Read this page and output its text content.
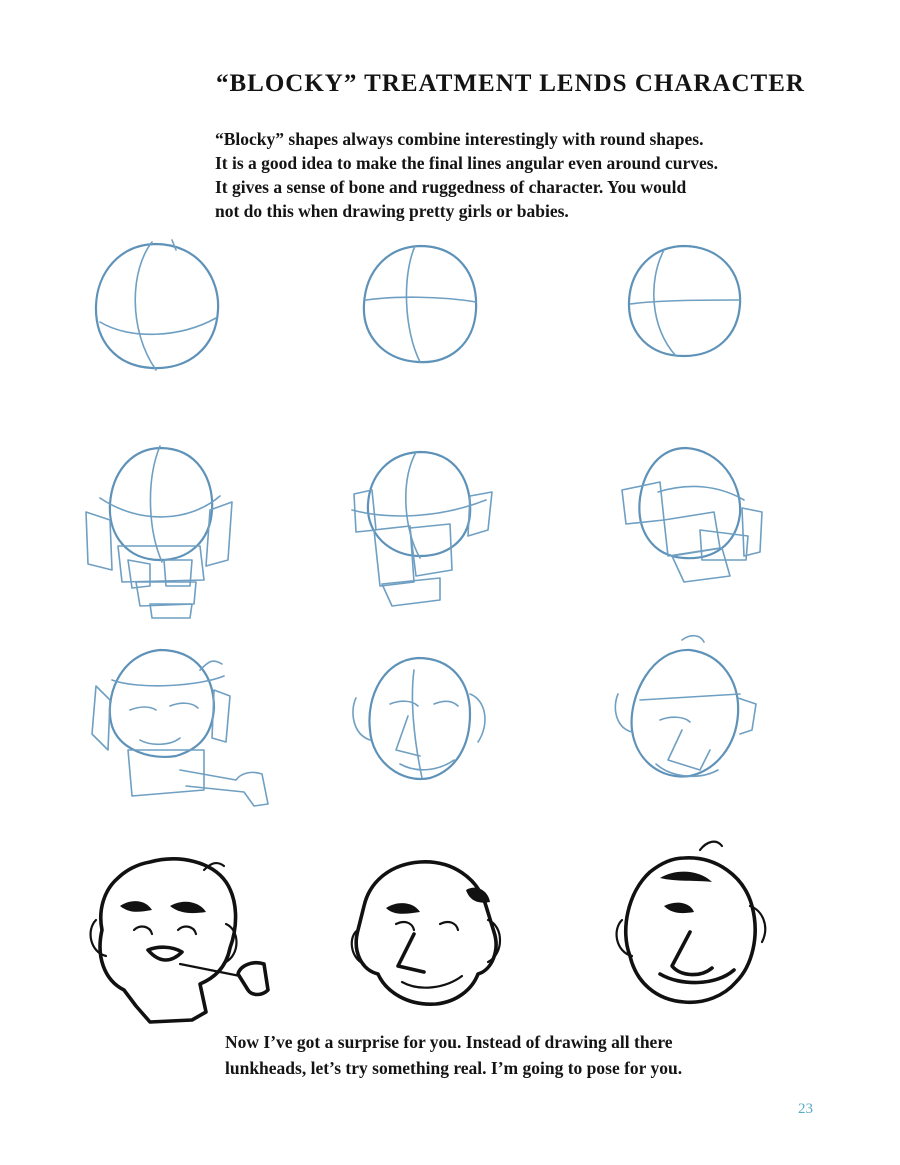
“BLOCKY” TREATMENT LENDS CHARACTER

“Blocky” shapes always combine interestingly with round shapes.
It is a good idea to make the final lines angular even around curves.
It gives a sense of bone and ruggedness of character. You would
not do this when drawing pretty girls or babies.

Now I’ve got a surprise for you. Instead of drawing all there
lunkheads, let’s try something real. I’m going to pose for you.

23
